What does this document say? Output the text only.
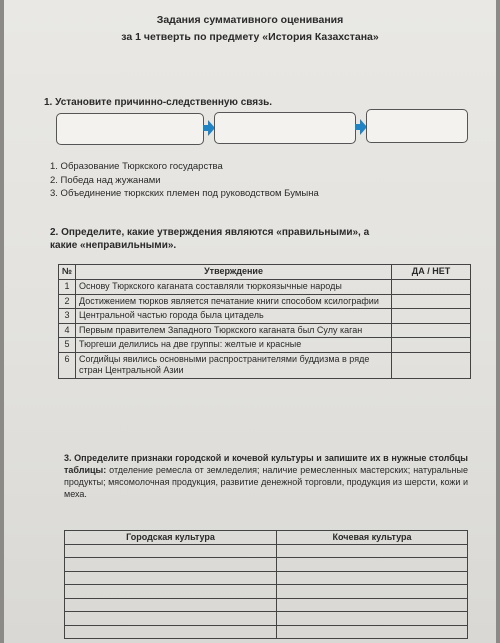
Задания суммативного оценивания
за 1 четверть по предмету «История Казахстана»
1. Установите причинно-следственную связь.
1. Образование Тюркского государства
2. Победа над жужанами
3. Объединение тюркских племен под руководством Бумына
2. Определите, какие утверждения являются «правильными», а
какие «неправильными».
№	Утверждение	ДА / НЕТ
1	Основу Тюркского каганата составляли тюркоязычные народы	
2	Достижением тюрков является печатание книги способом ксилографии	
3	Центральной частью города была цитадель	
4	Первым правителем Западного Тюркского каганата был Сулу каган	
5	Тюргеши делились на две группы: желтые и красные	
6	Согдийцы явились основными распространителями буддизма в ряде стран Центральной Азии	
3. Определите признаки городской и кочевой культуры и запишите их в нужные столбцы таблицы: отделение ремесла от земледелия; наличие ремесленных мастерских; натуральные продукты; мясомолочная продукция, развитие денежной торговли, продукция из шерсти, кожи и меха.
Городская культура	Кочевая культура
